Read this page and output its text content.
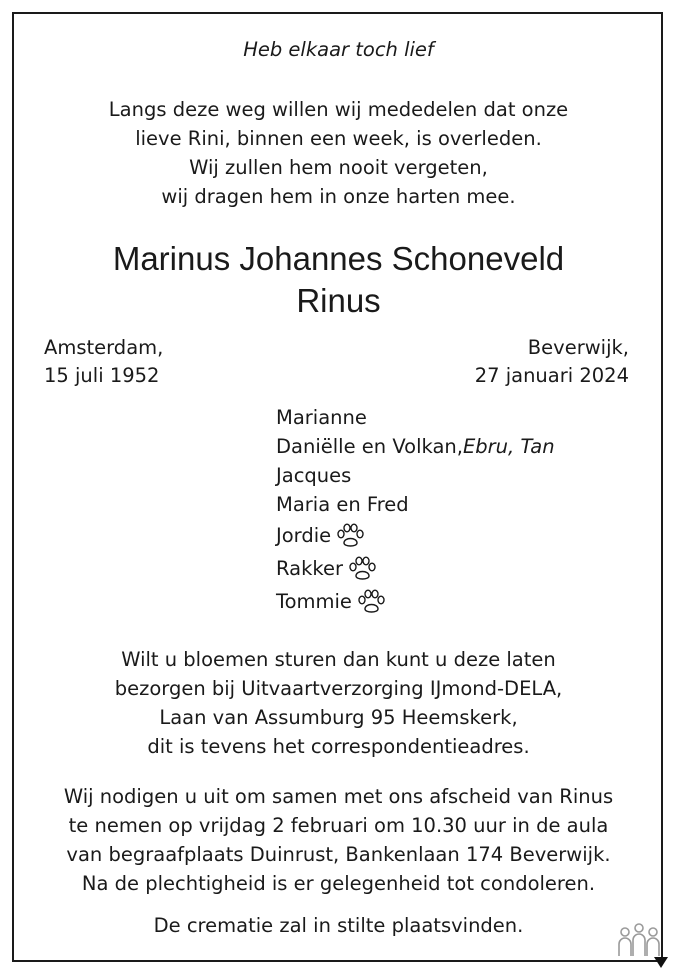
Heb elkaar toch lief

Langs deze weg willen wij mededelen dat onze

lieve Rini, binnen een week, is overleden.

Wij zullen hem nooit vergeten,

wij dragen hem in onze harten mee.

Marinus Johannes Schoneveld
Rinus
Amsterdam,
15 juli 1952
Beverwijk,
27 januari 2024
Marianne
Daniëlle en Volkan, Ebru, Tan
Jacques
Maria en Fred
Jordie
Rakker
Tommie
Wilt u bloemen sturen dan kunt u deze laten
bezorgen bij Uitvaartverzorging IJmond-DELA,
Laan van Assumburg 95 Heemskerk,
dit is tevens het correspondentieadres.
Wij nodigen u uit om samen met ons afscheid van Rinus
te nemen op vrijdag 2 februari om 10.30 uur in de aula
van begraafplaats Duinrust, Bankenlaan 174 Beverwijk.
Na de plechtigheid is er gelegenheid tot condoleren.
De crematie zal in stilte plaatsvinden.
